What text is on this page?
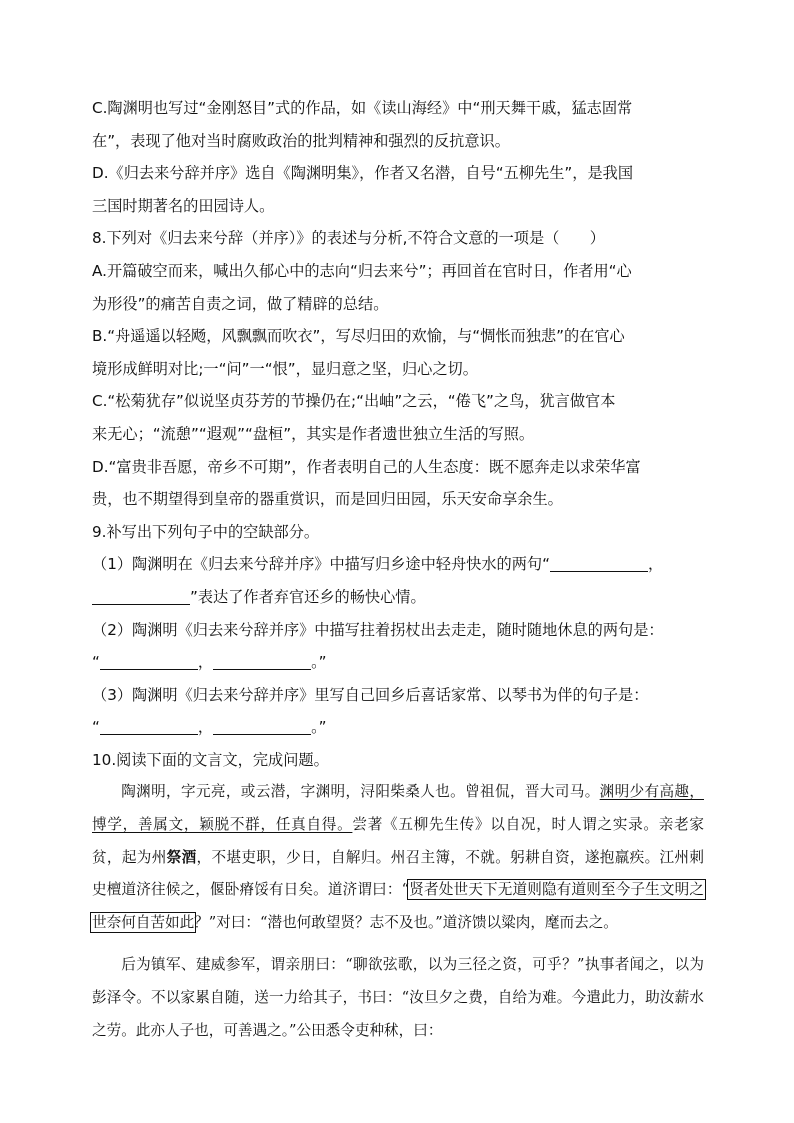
C.陶渊明也写过“金刚怒目”式的作品，如《读山海经》中“刑天舞干戚，猛志固常

在”，表现了他对当时腐败政治的批判精神和强烈的反抗意识。

D.《归去来兮辞并序》选自《陶渊明集》，作者又名潜，自号“五柳先生”，是我国

三国时期著名的田园诗人。

8.下列对《归去来兮辞（并序）》的表述与分析,不符合文意的一项是（　　）

A.开篇破空而来，喊出久郁心中的志向“归去来兮”；再回首在官时日，作者用“心

为形役”的痛苦自责之词，做了精辟的总结。

B.“舟遥遥以轻飏，风飘飘而吹衣”，写尽归田的欢愉，与“惆怅而独悲”的在官心

境形成鲜明对比;一“问”一“恨”，显归意之坚，归心之切。

C.“松菊犹存”似说坚贞芬芳的节操仍在;“出岫”之云，“倦飞”之鸟，犹言做官本

来无心；“流憩”“遐观”“盘桓”，其实是作者遗世独立生活的写照。

D.“富贵非吾愿，帝乡不可期”，作者表明自己的人生态度：既不愿奔走以求荣华富

贵，也不期望得到皇帝的器重赏识，而是回归田园，乐天安命享余生。

9.补写出下列句子中的空缺部分。

（1）陶渊明在《归去来兮辞并序》中描写归乡途中轻舟快水的两句“	，

”表达了作者弃官还乡的畅快心情。

（2）陶渊明《归去来兮辞并序》中描写拄着拐杖出去走走，随时随地休息的两句是：

“	，	。”

（3）陶渊明《归去来兮辞并序》里写自己回乡后喜话家常、以琴书为伴的句子是：

“	，	。”

10.阅读下面的文言文，完成问题。

陶渊明，字元亮，或云潜，字渊明，浔阳柴桑人也。曾祖侃，晋大司马。渊明少有高趣，博学，善属文，颖脱不群，任真自得。尝著《五柳先生传》以自况，时人谓之实录。亲老家贫，起为州祭酒，不堪吏职，少日，自解归。州召主簿，不就。躬耕自资，遂抱羸疾。江州刺史檀道济往候之，偃卧瘠馁有日矣。道济谓曰：“贤者处世天下无道则隐有道则至今子生文明之世奈何自苦如此？”对曰：“潜也何敢望贤？志不及也。”道济馈以粱肉，麾而去之。

后为镇军、建威参军，谓亲朋曰：“聊欲弦歌，以为三径之资，可乎？”执事者闻之，以为彭泽令。不以家累自随，送一力给其子，书曰：“汝旦夕之费，自给为难。今遣此力，助汝薪水之劳。此亦人子也，可善遇之。”公田悉令吏种秫，曰：
